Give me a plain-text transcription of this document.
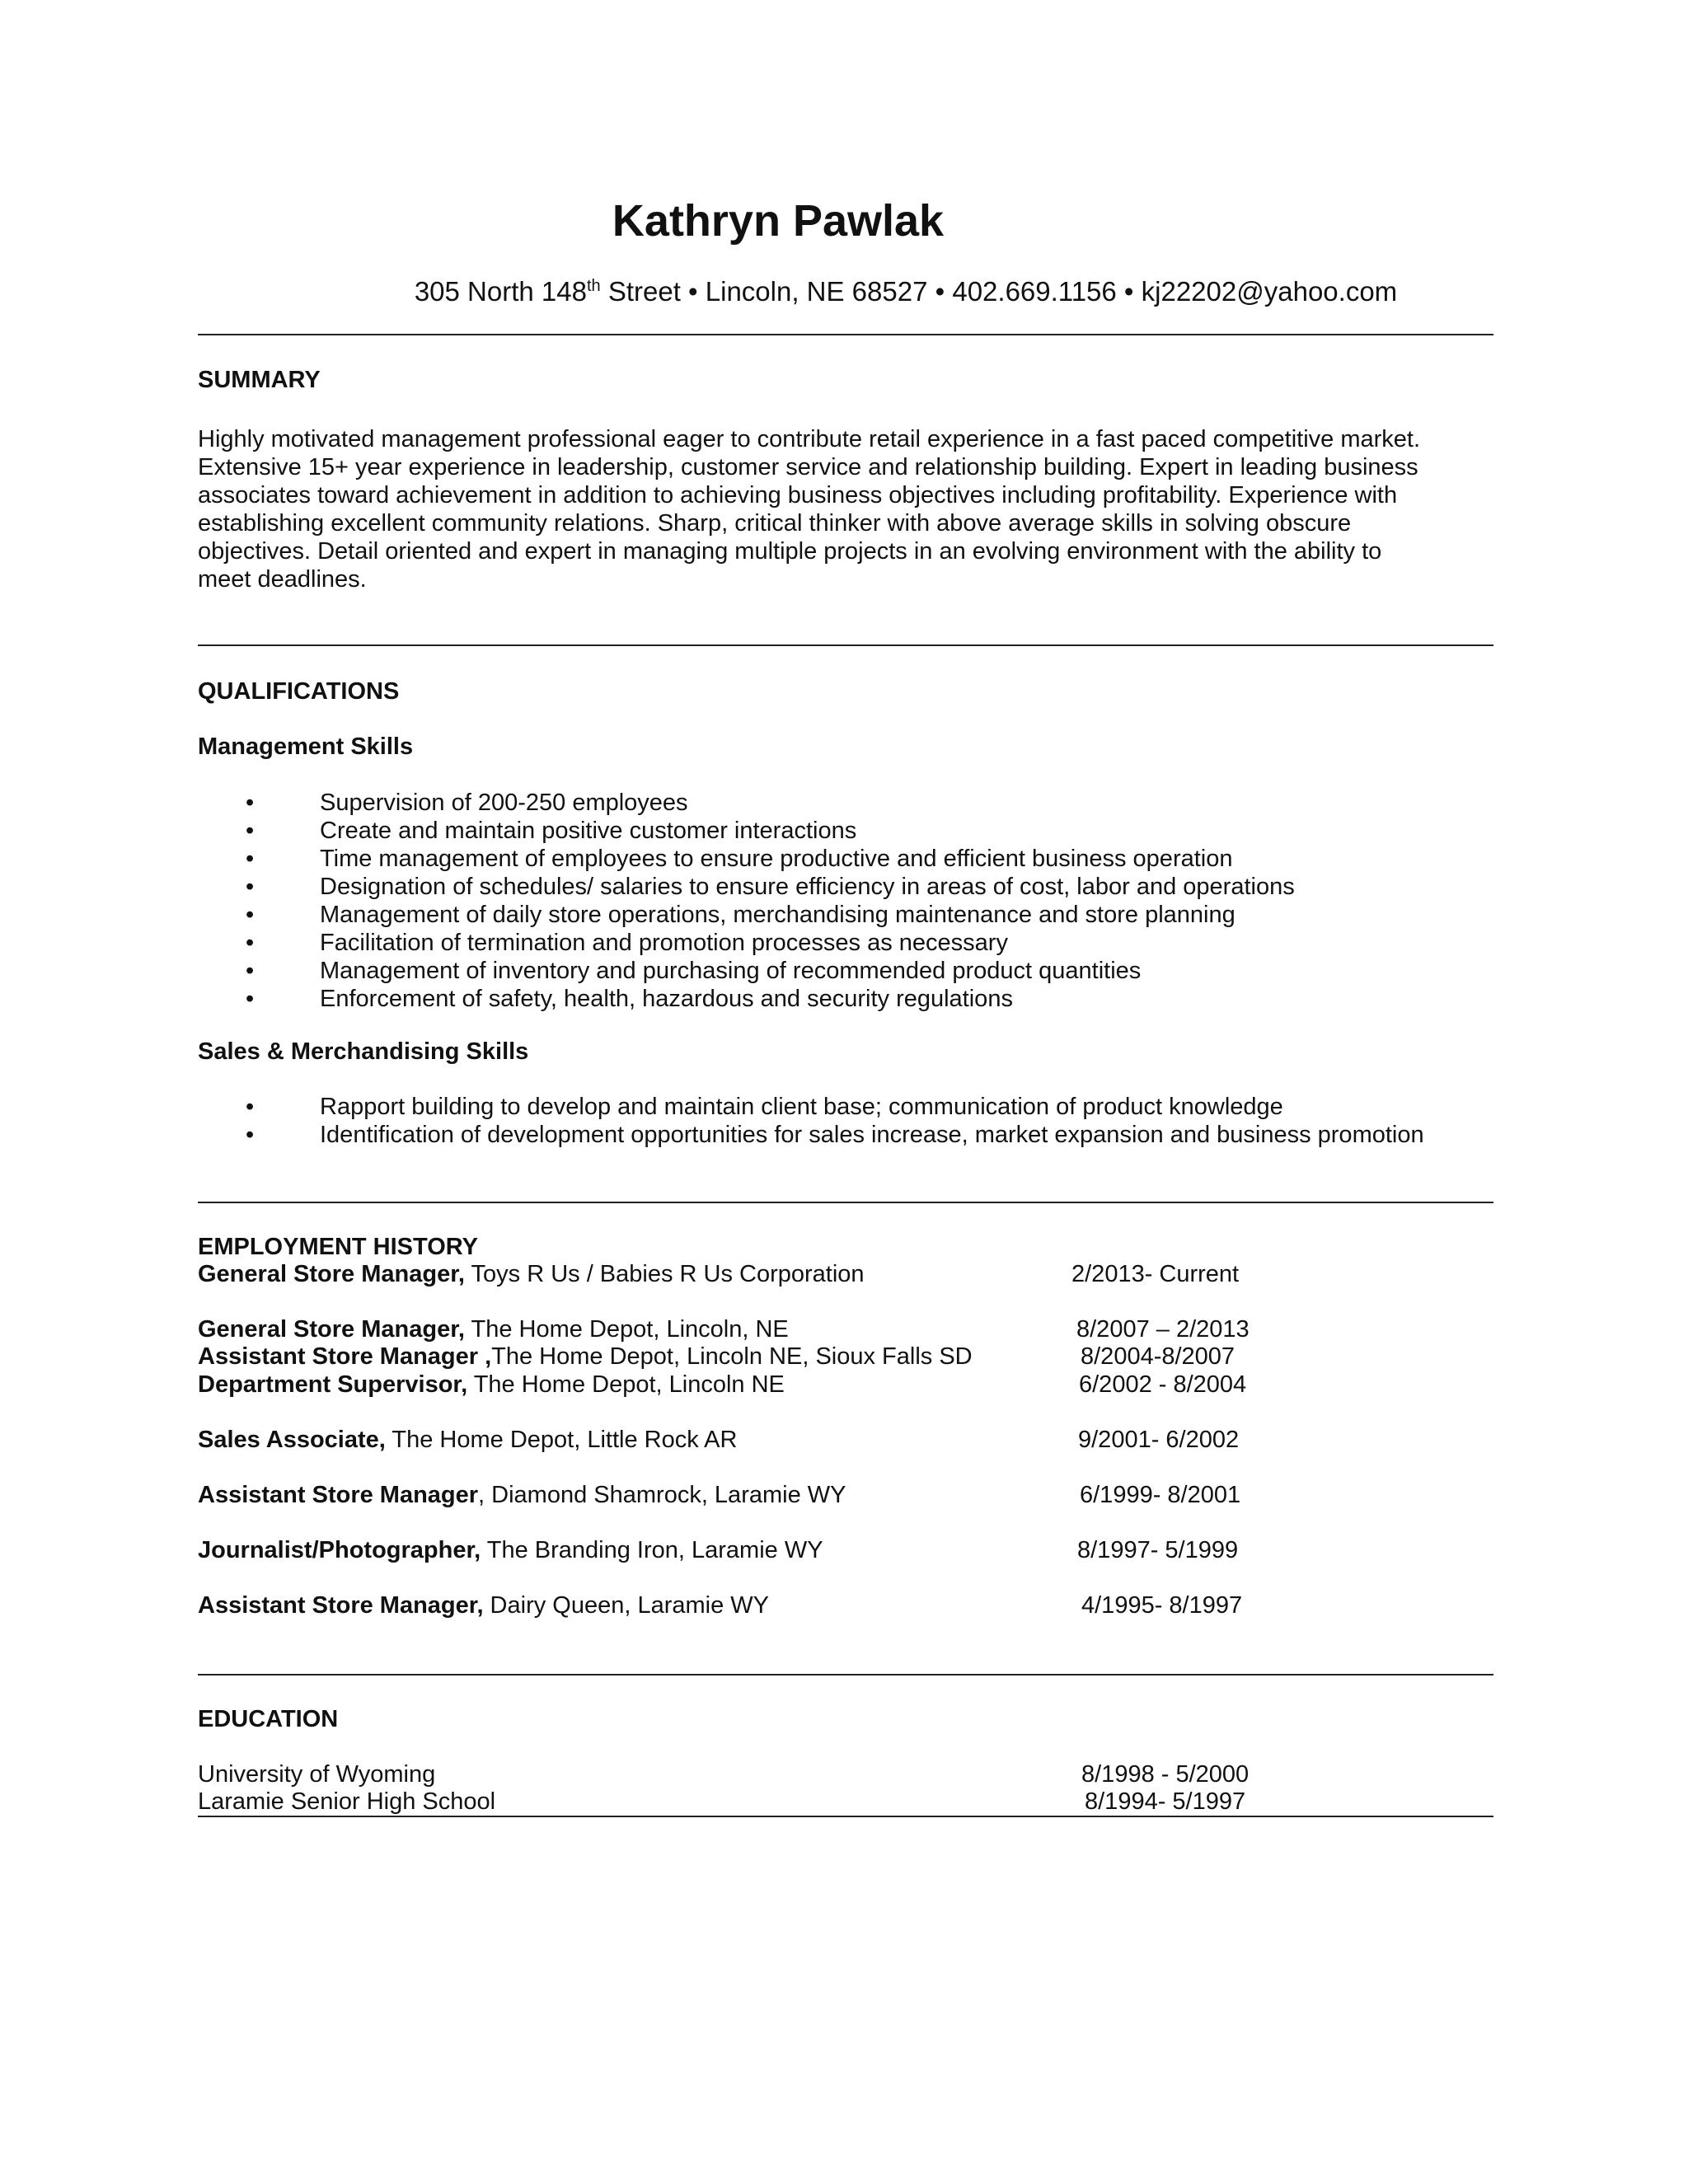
Kathryn Pawlak
305 North 148th Street • Lincoln, NE 68527 • 402.669.1156 • kj22202@yahoo.com
SUMMARY
Highly motivated management professional eager to contribute retail experience in a fast paced competitive market.
Extensive 15+ year experience in leadership, customer service and relationship building. Expert in leading business
associates toward achievement in addition to achieving business objectives including profitability. Experience with
establishing excellent community relations. Sharp, critical thinker with above average skills in solving obscure
objectives. Detail oriented and expert in managing multiple projects in an evolving environment with the ability to
meet deadlines.
QUALIFICATIONS
Management Skills
• Supervision of 200-250 employees
• Create and maintain positive customer interactions
• Time management of employees to ensure productive and efficient business operation
• Designation of schedules/ salaries to ensure efficiency in areas of cost, labor and operations
• Management of daily store operations, merchandising maintenance and store planning
• Facilitation of termination and promotion processes as necessary
• Management of inventory and purchasing of recommended product quantities
• Enforcement of safety, health, hazardous and security regulations
Sales & Merchandising Skills
• Rapport building to develop and maintain client base; communication of product knowledge
• Identification of development opportunities for sales increase, market expansion and business promotion
EMPLOYMENT HISTORY
General Store Manager, Toys R Us / Babies R Us Corporation	2/2013- Current
General Store Manager, The Home Depot, Lincoln, NE	8/2007 – 2/2013
Assistant Store Manager ,The Home Depot, Lincoln NE, Sioux Falls SD	8/2004-8/2007
Department Supervisor, The Home Depot, Lincoln NE	6/2002 - 8/2004
Sales Associate, The Home Depot, Little Rock AR	9/2001- 6/2002
Assistant Store Manager, Diamond Shamrock, Laramie WY	6/1999- 8/2001
Journalist/Photographer, The Branding Iron, Laramie WY	8/1997- 5/1999
Assistant Store Manager, Dairy Queen, Laramie WY	4/1995- 8/1997
EDUCATION
University of Wyoming	8/1998 - 5/2000
Laramie Senior High School	8/1994- 5/1997
